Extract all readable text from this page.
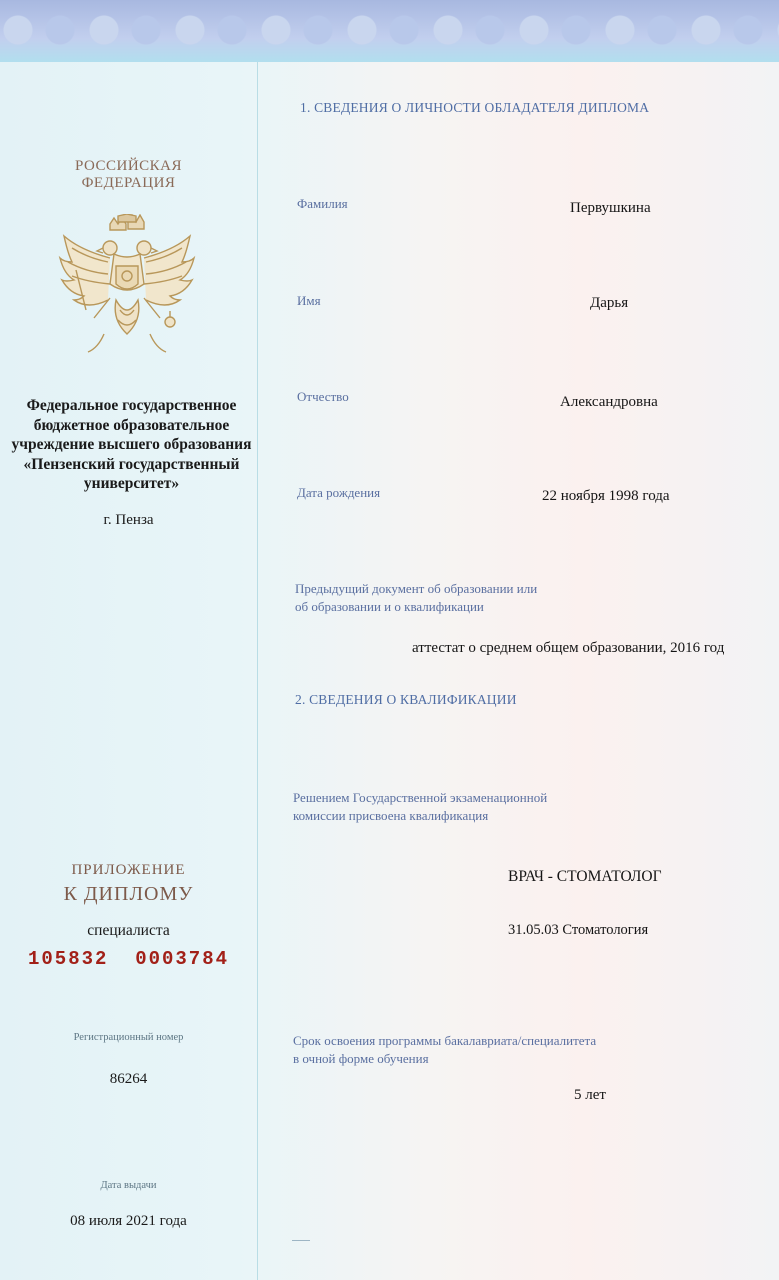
РОССИЙСКАЯ
ФЕДЕРАЦИЯ
Федеральное государственное
бюджетное образовательное
учреждение высшего образования
«Пензенский государственный
университет»
г. Пенза
ПРИЛОЖЕНИЕ
К ДИПЛОМУ
специалиста
105832  0003784
Регистрационный номер
86264
Дата выдачи
08 июля 2021 года
1. СВЕДЕНИЯ О ЛИЧНОСТИ ОБЛАДАТЕЛЯ ДИПЛОМА
Фамилия	Первушкина
Имя	Дарья
Отчество	Александровна
Дата рождения	22 ноября 1998 года
Предыдущий документ об образовании или
об образовании и о квалификации
аттестат о среднем общем образовании, 2016 год
2. СВЕДЕНИЯ О КВАЛИФИКАЦИИ
Решением Государственной экзаменационной
комиссии присвоена квалификация
ВРАЧ - СТОМАТОЛОГ
31.05.03 Стоматология
Срок освоения программы бакалавриата/специалитета
в очной форме обучения
5 лет
